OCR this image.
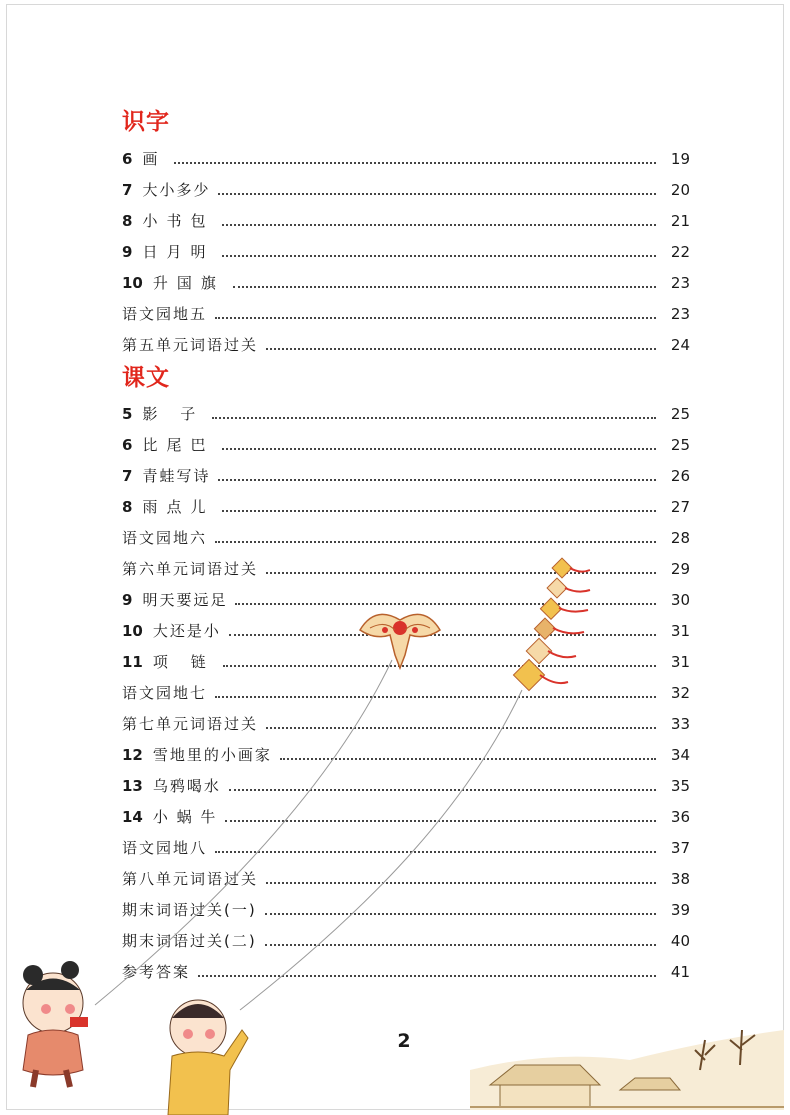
识字
课文
6 画	19
7 大小多少	20
8 小书包	21
9 日月明	22
10 升国旗	23
语文园地五	23
第五单元词语过关	24
5 影 子	25
6 比尾巴	25
7 青蛙写诗	26
8 雨点儿	27
语文园地六	28
第六单元词语过关	29
9 明天要远足	30
10 大还是小	31
11 项 链	31
语文园地七	32
第七单元词语过关	33
12 雪地里的小画家	34
13 乌鸦喝水	35
14 小 蜗 牛	36
语文园地八	37
第八单元词语过关	38
期末词语过关(一)	39
期末词语过关(二)	40
参考答案	41
2
